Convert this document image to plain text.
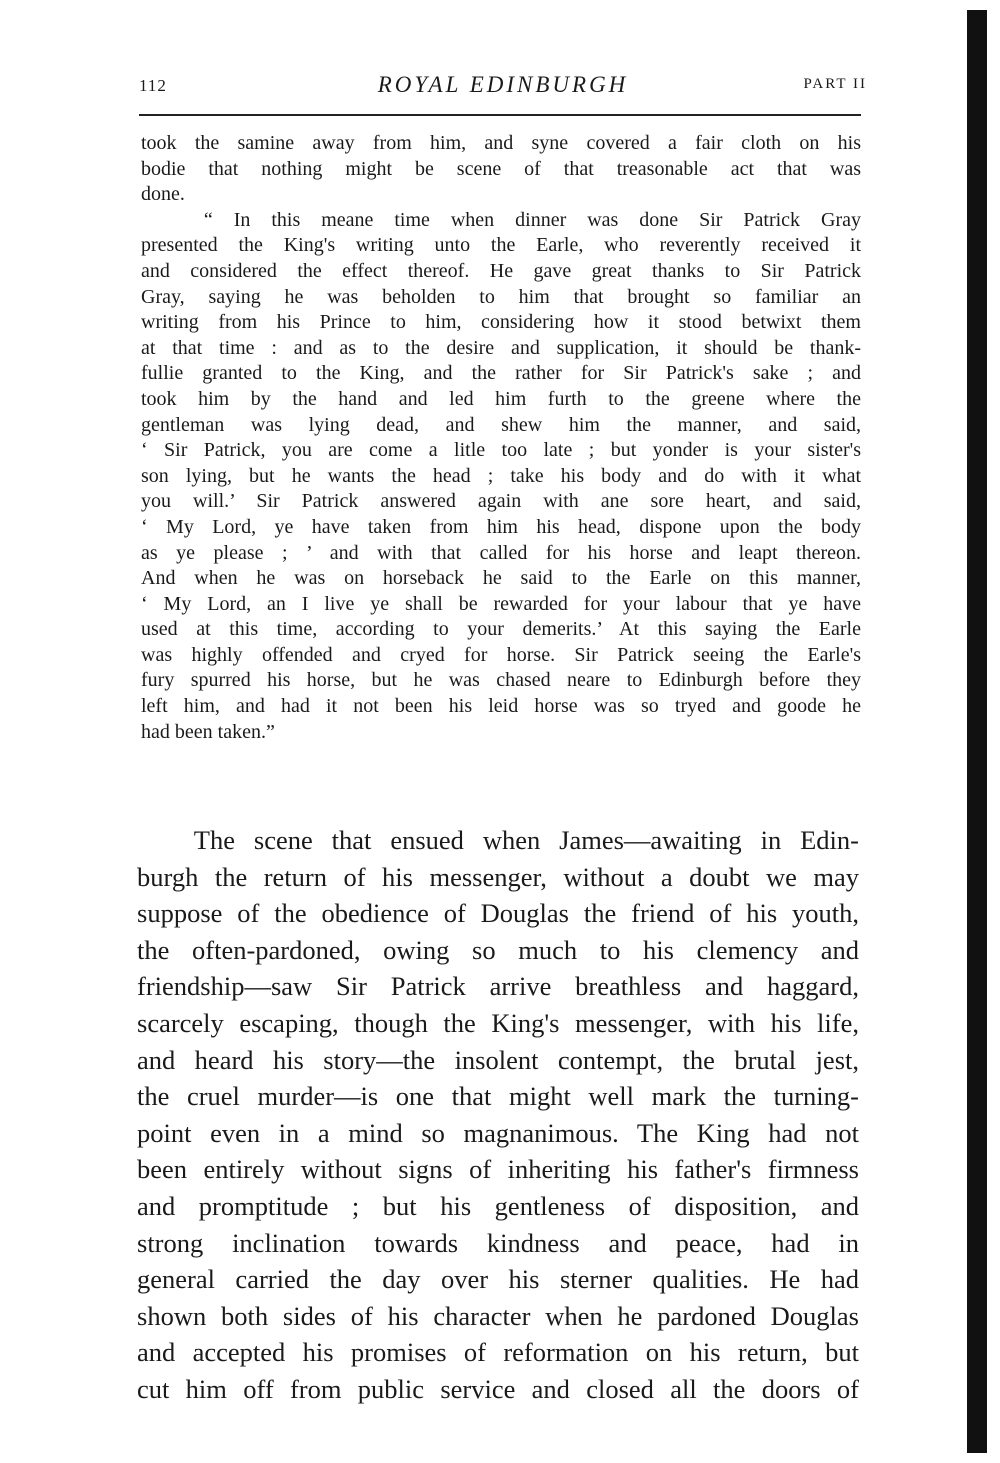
112	ROYAL EDINBURGH	PART II
took the samine away from him, and syne covered a fair cloth on his
bodie that nothing might be scene of that treasonable act that was
done.
“ In this meane time when dinner was done Sir Patrick Gray
presented the King's writing unto the Earle, who reverently received it
and considered the effect thereof. He gave great thanks to Sir Patrick
Gray, saying he was beholden to him that brought so familiar an
writing from his Prince to him, considering how it stood betwixt them
at that time : and as to the desire and supplication, it should be thank-
fullie granted to the King, and the rather for Sir Patrick's sake ; and
took him by the hand and led him furth to the greene where the
gentleman was lying dead, and shew him the manner, and said,
‘ Sir Patrick, you are come a litle too late ; but yonder is your sister's
son lying, but he wants the head ; take his body and do with it what
you will.’ Sir Patrick answered again with ane sore heart, and said,
‘ My Lord, ye have taken from him his head, dispone upon the body
as ye please ; ’ and with that called for his horse and leapt thereon.
And when he was on horseback he said to the Earle on this manner,
‘ My Lord, an I live ye shall be rewarded for your labour that ye have
used at this time, according to your demerits.’ At this saying the Earle
was highly offended and cryed for horse. Sir Patrick seeing the Earle's
fury spurred his horse, but he was chased neare to Edinburgh before they
left him, and had it not been his leid horse was so tryed and goode he
had been taken.”
The scene that ensued when James—awaiting in Edin-
burgh the return of his messenger, without a doubt we may
suppose of the obedience of Douglas the friend of his youth,
the often-pardoned, owing so much to his clemency and
friendship—saw Sir Patrick arrive breathless and haggard,
scarcely escaping, though the King's messenger, with his life,
and heard his story—the insolent contempt, the brutal jest,
the cruel murder—is one that might well mark the turning-
point even in a mind so magnanimous. The King had not
been entirely without signs of inheriting his father's firmness
and promptitude ; but his gentleness of disposition, and
strong inclination towards kindness and peace, had in
general carried the day over his sterner qualities. He had
shown both sides of his character when he pardoned Douglas
and accepted his promises of reformation on his return, but
cut him off from public service and closed all the doors of
